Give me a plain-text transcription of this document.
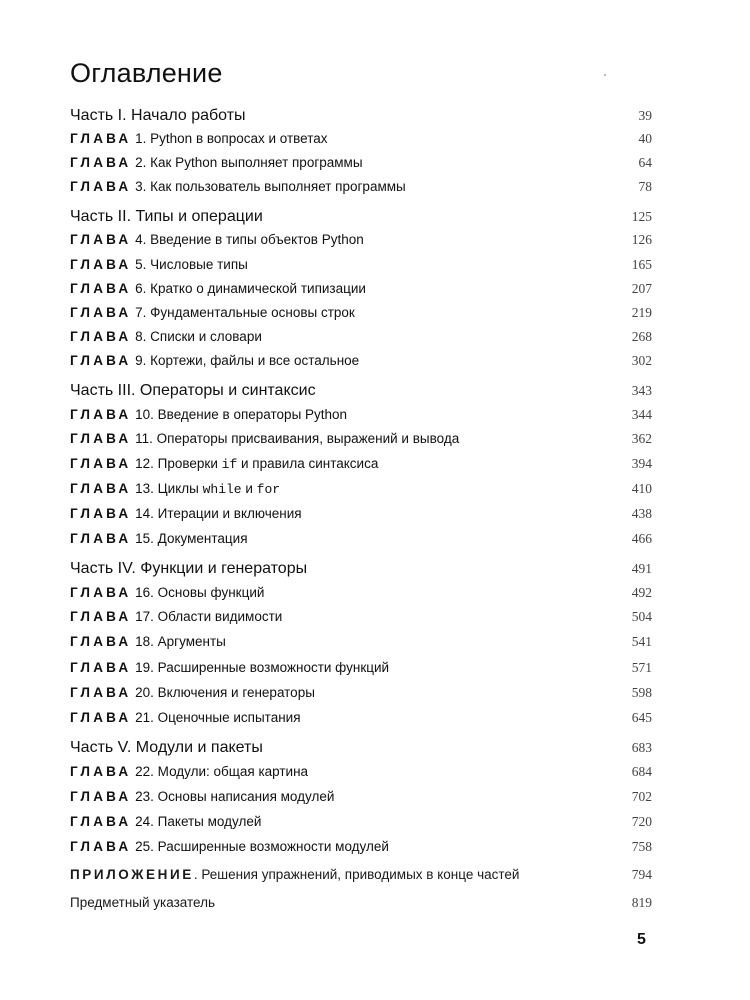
Оглавление
Часть I. Начало работы	39
ГЛАВА 1. Python в вопросах и ответах	40
ГЛАВА 2. Как Python выполняет программы	64
ГЛАВА 3. Как пользователь выполняет программы	78
Часть II. Типы и операции	125
ГЛАВА 4. Введение в типы объектов Python	126
ГЛАВА 5. Числовые типы	165
ГЛАВА 6. Кратко о динамической типизации	207
ГЛАВА 7. Фундаментальные основы строк	219
ГЛАВА 8. Списки и словари	268
ГЛАВА 9. Кортежи, файлы и все остальное	302
Часть III. Операторы и синтаксис	343
ГЛАВА 10. Введение в операторы Python	344
ГЛАВА 11. Операторы присваивания, выражений и вывода	362
ГЛАВА 12. Проверки if и правила синтаксиса	394
ГЛАВА 13. Циклы while и for	410
ГЛАВА 14. Итерации и включения	438
ГЛАВА 15. Документация	466
Часть IV. Функции и генераторы	491
ГЛАВА 16. Основы функций	492
ГЛАВА 17. Области видимости	504
ГЛАВА 18. Аргументы	541
ГЛАВА 19. Расширенные возможности функций	571
ГЛАВА 20. Включения и генераторы	598
ГЛАВА 21. Оценочные испытания	645
Часть V. Модули и пакеты	683
ГЛАВА 22. Модули: общая картина	684
ГЛАВА 23. Основы написания модулей	702
ГЛАВА 24. Пакеты модулей	720
ГЛАВА 25. Расширенные возможности модулей	758
ПРИЛОЖЕНИЕ. Решения упражнений, приводимых в конце частей	794
Предметный указатель	819
5
